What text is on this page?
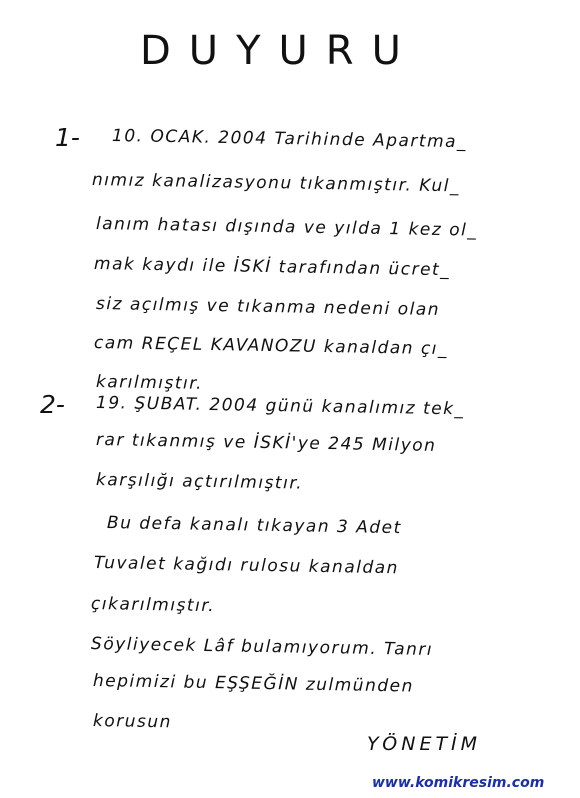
DUYURU
1- 10. OCAK. 2004 Tarihinde Apartma_
nımız kanalizasyonu tıkanmıştır. Kul_
lanım hatası dışında ve yılda 1 kez ol_
mak kaydı ile İSKİ tarafından ücret_
siz açılmış ve tıkanma nedeni olan
cam REÇEL KAVANOZU kanaldan çı_
karılmıştır.
2- 19. ŞUBAT. 2004 günü kanalımız tek_
rar tıkanmış ve İSKİ'ye 245 Milyon
karşılığı açtırılmıştır.
Bu defa kanalı tıkayan 3 Adet
Tuvalet kağıdı rulosu kanaldan
çıkarılmıştır.
Söyliyecek Lâf bulamıyorum. Tanrı
hepimizi bu EŞŞEĞİN zulmünden
korusun
YÖNETİM
www.komikresim.com
